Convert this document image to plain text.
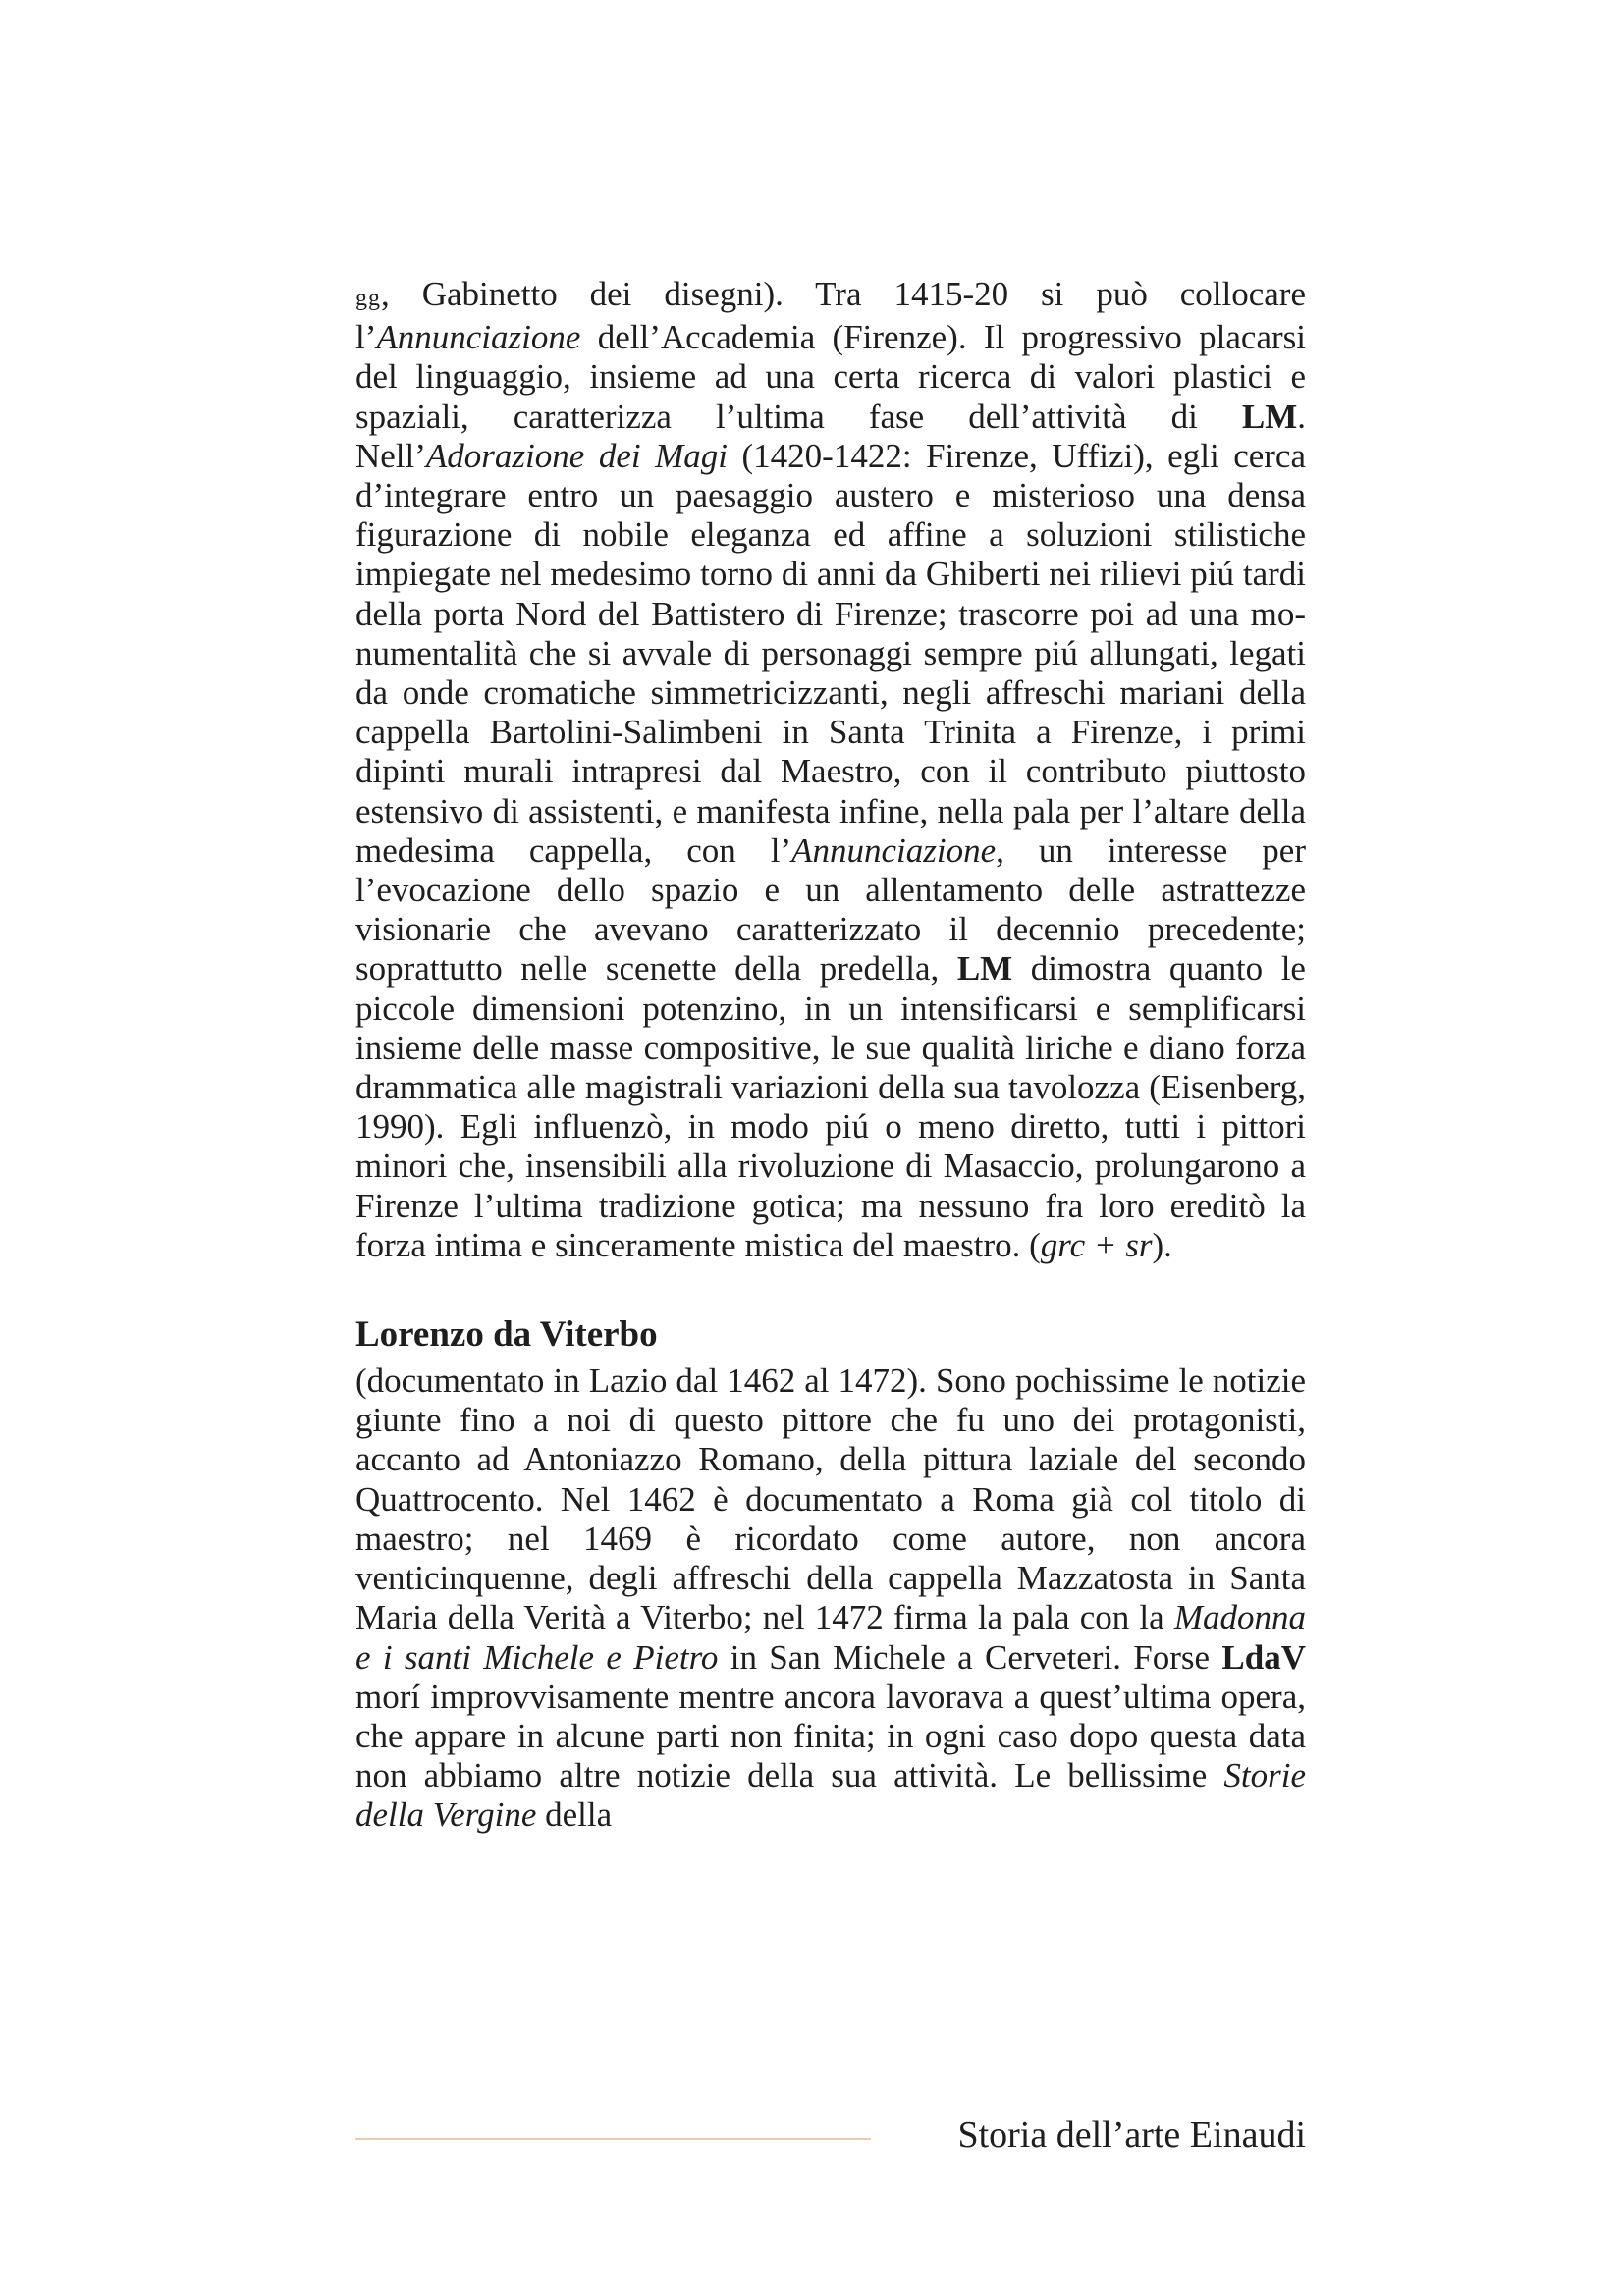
gg, Gabinetto dei disegni). Tra 1415-20 si può collocare l’Annunciazione dell’Accademia (Firenze). Il progressivo placarsi del linguaggio, insieme ad una certa ricerca di valori plastici e spaziali, caratterizza l’ultima fase dell’attività di LM. Nell’Adorazione dei Magi (1420-1422: Firenze, Uffizi), egli cerca d’integrare entro un paesaggio austero e misterioso una densa figurazione di nobile eleganza ed affine a soluzioni stilistiche impiegate nel medesimo torno di anni da Ghiberti nei rilievi piú tardi della porta Nord del Battistero di Firenze; trascorre poi ad una monumentalità che si avvale di personaggi sempre piú allungati, legati da onde cromatiche simmetricizzanti, negli affreschi mariani della cappella Bartolini-Salimbeni in Santa Trinita a Firenze, i primi dipinti murali intrapresi dal Maestro, con il contributo piuttosto estensivo di assistenti, e manifesta infine, nella pala per l’altare della medesima cappella, con l’Annunciazione, un interesse per l’evocazione dello spazio e un allentamento delle astrattezze visionarie che avevano caratterizzato il decennio precedente; soprattutto nelle scenette della predella, LM dimostra quanto le piccole dimensioni potenzino, in un intensificarsi e semplificarsi insieme delle masse compositive, le sue qualità liriche e diano forza drammatica alle magistrali variazioni della sua tavolozza (Eisenberg, 1990). Egli influenzò, in modo piú o meno diretto, tutti i pittori minori che, insensibili alla rivoluzione di Masaccio, prolungarono a Firenze l’ultima tradizione gotica; ma nessuno fra loro ereditò la forza intima e sinceramente mistica del maestro. (grc + sr).

Lorenzo da Viterbo

(documentato in Lazio dal 1462 al 1472). Sono pochissime le notizie giunte fino a noi di questo pittore che fu uno dei protagonisti, accanto ad Antoniazzo Romano, della pittura laziale del secondo Quattrocento. Nel 1462 è documentato a Roma già col titolo di maestro; nel 1469 è ricordato come autore, non ancora venticinquenne, degli affreschi della cappella Mazzatosta in Santa Maria della Verità a Viterbo; nel 1472 firma la pala con la Madonna e i santi Michele e Pietro in San Michele a Cerveteri. Forse LdaV morí improvvisamente mentre ancora lavorava a quest’ultima opera, che appare in alcune parti non finita; in ogni caso dopo questa data non abbiamo altre notizie della sua attività. Le bellissime Storie della Vergine della

Storia dell’arte Einaudi
